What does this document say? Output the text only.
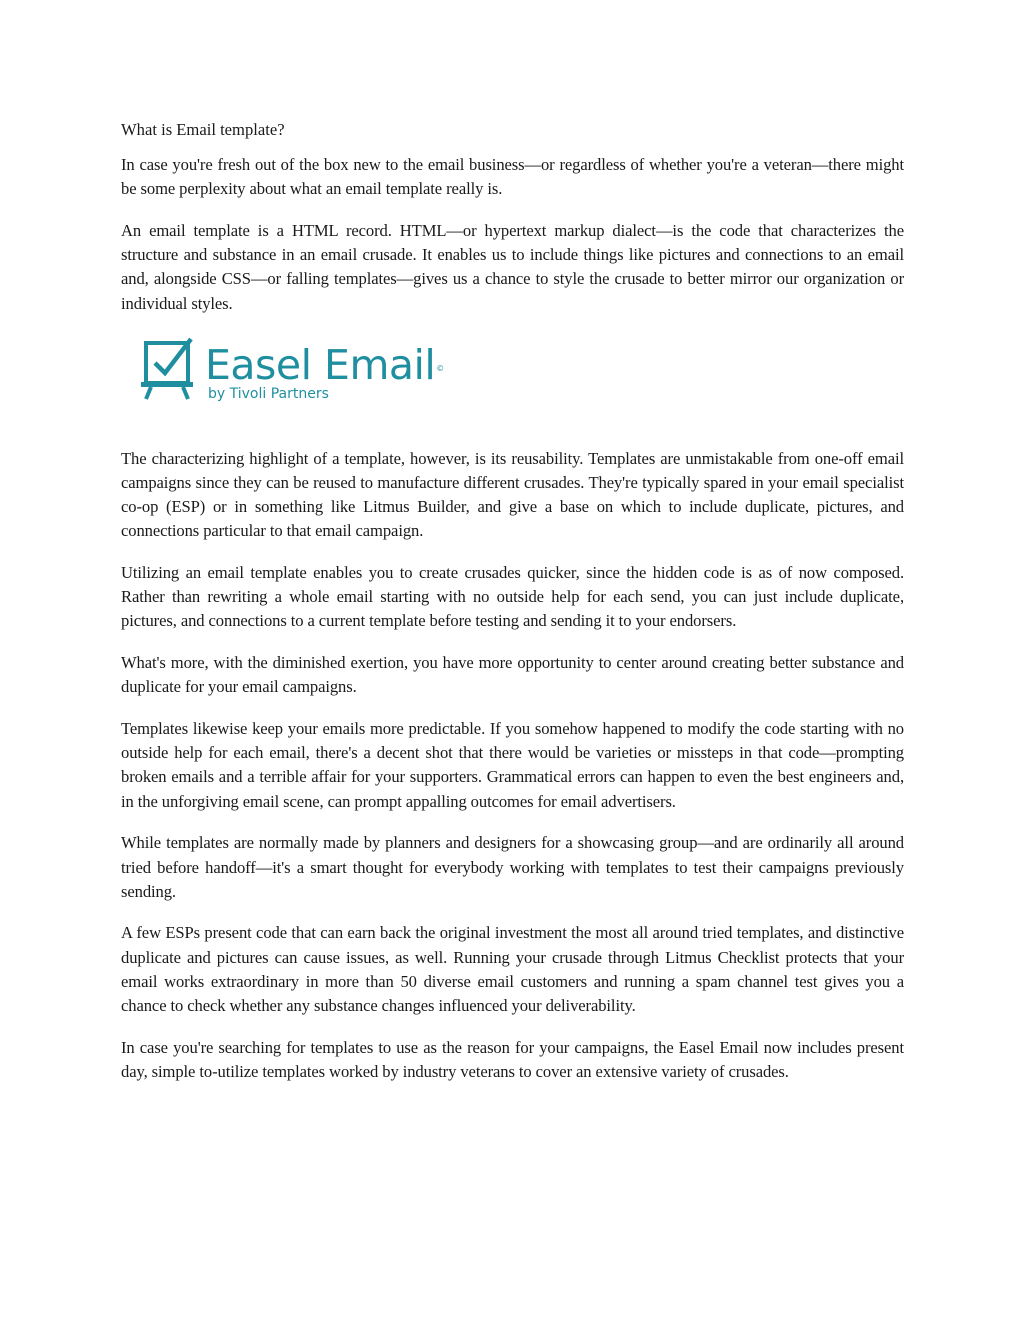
What is Email template?

In case you're fresh out of the box new to the email business—or regardless of whether you're a veteran—there might be some perplexity about what an email template really is.

An email template is a HTML record. HTML—or hypertext markup dialect—is the code that characterizes the structure and substance in an email crusade. It enables us to include things like pictures and connections to an email and, alongside CSS—or falling templates—gives us a chance to style the crusade to better mirror our organization or individual styles.

Easel Email©
by Tivoli Partners

The characterizing highlight of a template, however, is its reusability. Templates are unmistakable from one-off email campaigns since they can be reused to manufacture different crusades. They're typically spared in your email specialist co-op (ESP) or in something like Litmus Builder, and give a base on which to include duplicate, pictures, and connections particular to that email campaign.

Utilizing an email template enables you to create crusades quicker, since the hidden code is as of now composed. Rather than rewriting a whole email starting with no outside help for each send, you can just include duplicate, pictures, and connections to a current template before testing and sending it to your endorsers.

What's more, with the diminished exertion, you have more opportunity to center around creating better substance and duplicate for your email campaigns.

Templates likewise keep your emails more predictable. If you somehow happened to modify the code starting with no outside help for each email, there's a decent shot that there would be varieties or missteps in that code—prompting broken emails and a terrible affair for your supporters. Grammatical errors can happen to even the best engineers and, in the unforgiving email scene, can prompt appalling outcomes for email advertisers.

While templates are normally made by planners and designers for a showcasing group—and are ordinarily all around tried before handoff—it's a smart thought for everybody working with templates to test their campaigns previously sending.

A few ESPs present code that can earn back the original investment the most all around tried templates, and distinctive duplicate and pictures can cause issues, as well. Running your crusade through Litmus Checklist protects that your email works extraordinary in more than 50 diverse email customers and running a spam channel test gives you a chance to check whether any substance changes influenced your deliverability.

In case you're searching for templates to use as the reason for your campaigns, the Easel Email now includes present day, simple to-utilize templates worked by industry veterans to cover an extensive variety of crusades.
